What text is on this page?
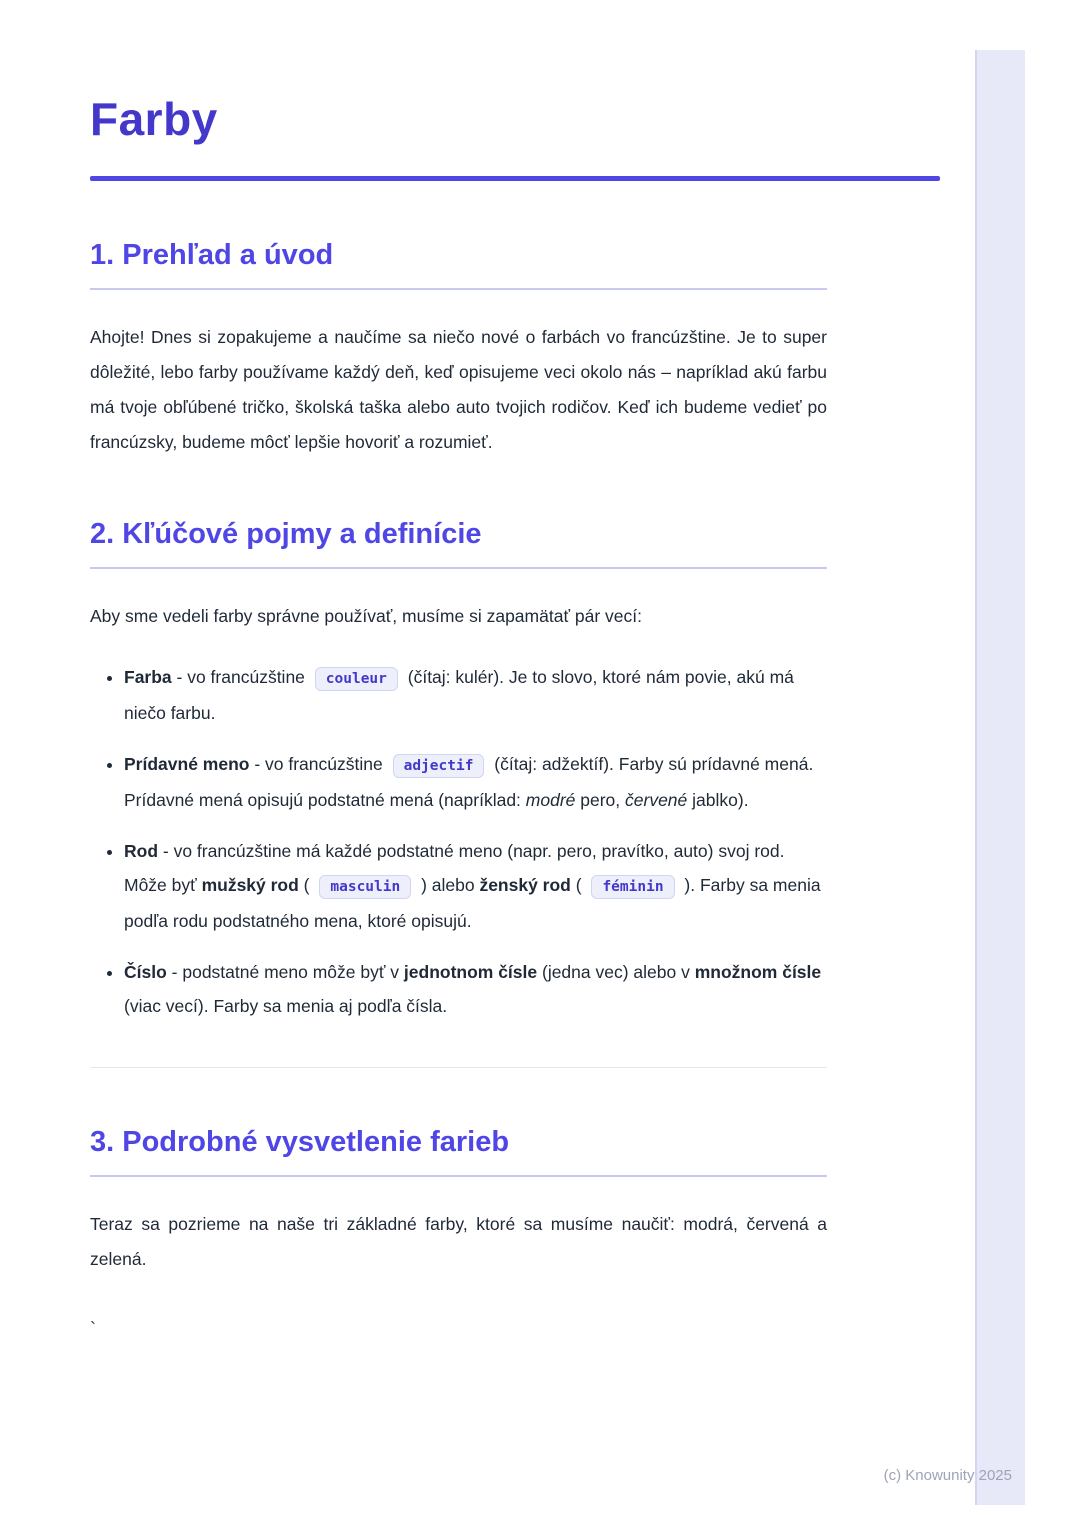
Farby
1. Prehľad a úvod

Ahojte! Dnes si zopakujeme a naučíme sa niečo nové o farbách vo francúzštine. Je to super dôležité, lebo farby používame každý deň, keď opisujeme veci okolo nás – napríklad akú farbu má tvoje obľúbené tričko, školská taška alebo auto tvojich rodičov. Keď ich budeme vedieť po francúzsky, budeme môcť lepšie hovoriť a rozumieť.

2. Kľúčové pojmy a definície

Aby sme vedeli farby správne používať, musíme si zapamätať pár vecí:

• Farba - vo francúzštine couleur (čítaj: kulér). Je to slovo, ktoré nám povie, akú má niečo farbu.
• Prídavné meno - vo francúzštine adjectif (čítaj: adžektíf). Farby sú prídavné mená. Prídavné mená opisujú podstatné mená (napríklad: modré pero, červené jablko).
• Rod - vo francúzštine má každé podstatné meno (napr. pero, pravítko, auto) svoj rod. Môže byť mužský rod ( masculin ) alebo ženský rod ( féminin ). Farby sa menia podľa rodu podstatného mena, ktoré opisujú.
• Číslo - podstatné meno môže byť v jednotnom čísle (jedna vec) alebo v množnom čísle (viac vecí). Farby sa menia aj podľa čísla.
3. Podrobné vysvetlenie farieb

Teraz sa pozrieme na naše tri základné farby, ktoré sa musíme naučiť: modrá, červená a zelená.

`

(c) Knowunity 2025
